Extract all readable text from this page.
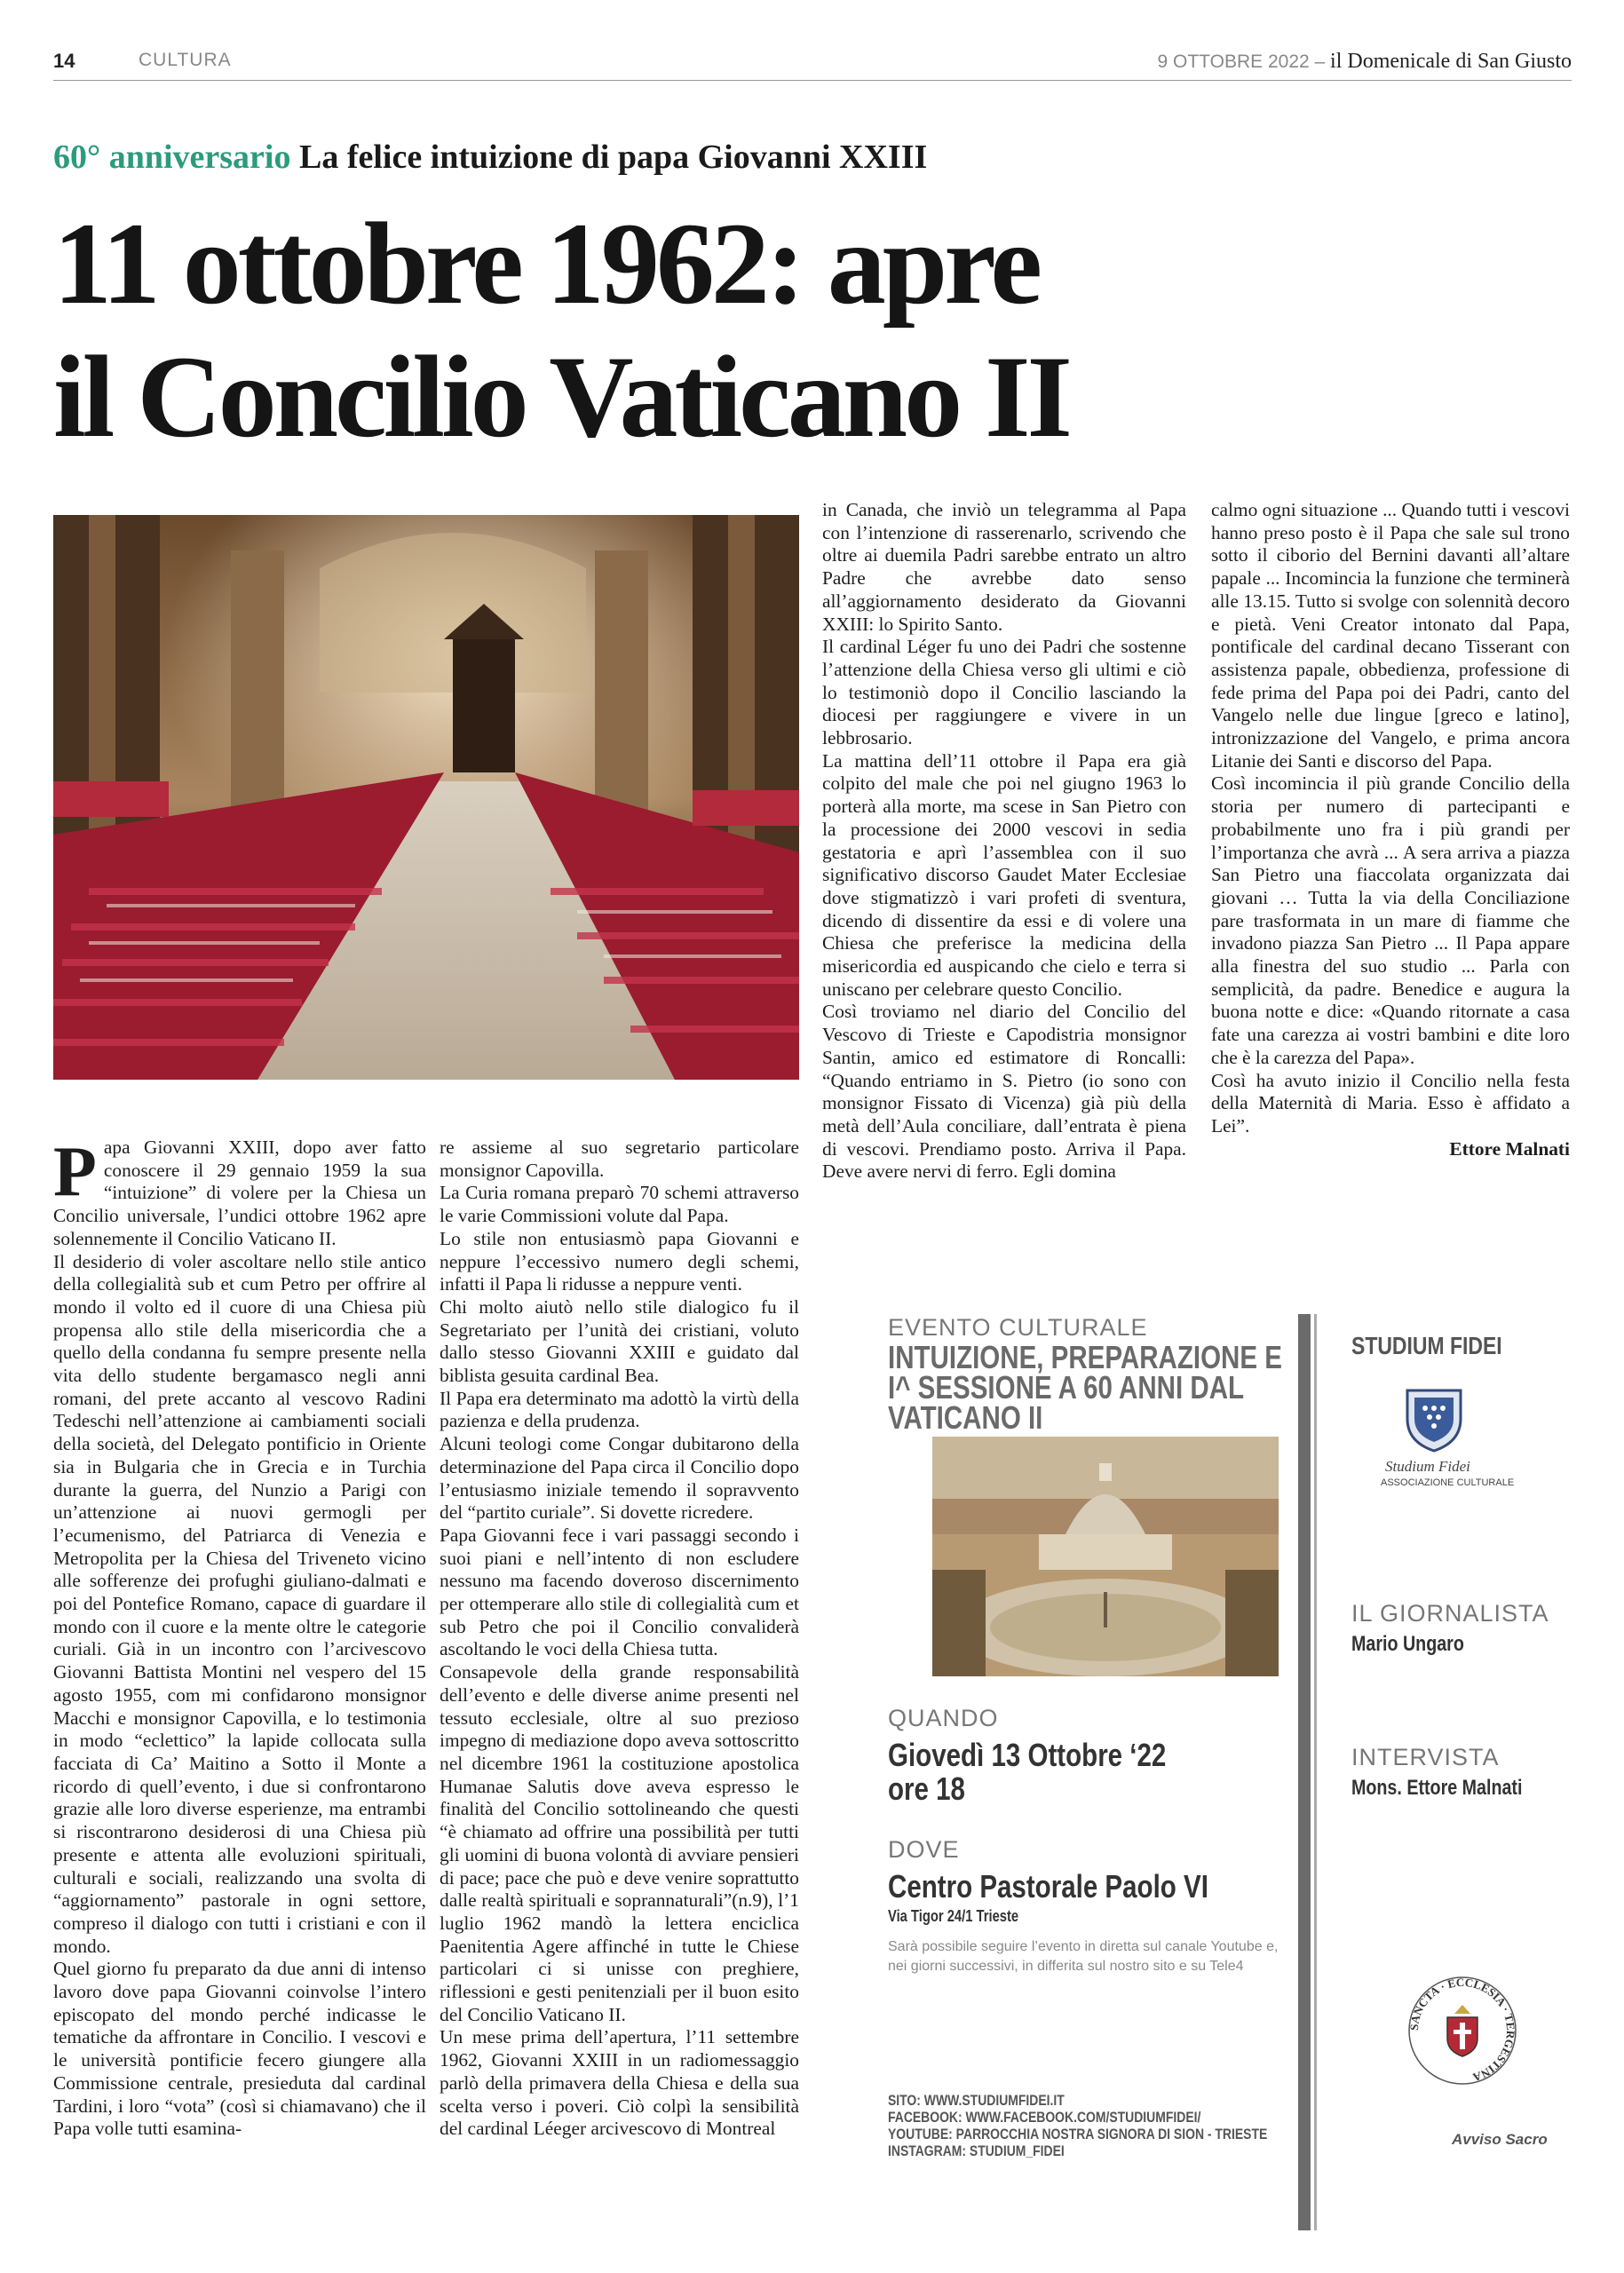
14	CULTURA	9 OTTOBRE 2022 – il Domenicale di San Giusto
60° anniversario La felice intuizione di papa Giovanni XXIII
11 ottobre 1962: apre
il Concilio Vaticano II

Papa Giovanni XXIII, dopo aver fatto conoscere il 29 gennaio 1959 la sua “intuizione” di volere per la Chiesa un Concilio universale, l’undici ottobre 1962 apre solennemente il Concilio Vaticano II.

Il desiderio di voler ascoltare nello stile antico della collegialità sub et cum Petro per offrire al mondo il volto ed il cuore di una Chiesa più propensa allo stile della misericordia che a quello della condanna fu sempre presente nella vita dello studente bergamasco negli anni romani, del prete accanto al vescovo Radini Tedeschi nell’attenzione ai cambiamenti sociali della società, del Delegato pontificio in Oriente sia in Bulgaria che in Grecia e in Turchia durante la guerra, del Nunzio a Parigi con un’attenzione ai nuovi germogli per l’ecumenismo, del Patriarca di Venezia e Metropolita per la Chiesa del Triveneto vicino alle sofferenze dei profughi giuliano-dalmati e poi del Pontefice Romano, capace di guardare il mondo con il cuore e la mente oltre le categorie curiali. Già in un incontro con l’arcivescovo Giovanni Battista Montini nel vespero del 15 agosto 1955, com mi confidarono monsignor Macchi e monsignor Capovilla, e lo testimonia in modo “eclettico” la lapide collocata sulla facciata di Ca’ Maitino a Sotto il Monte a ricordo di quell’evento, i due si confrontarono grazie alle loro diverse esperienze, ma entrambi si riscontrarono desiderosi di una Chiesa più presente e attenta alle evoluzioni spirituali, culturali e sociali, realizzando una svolta di “aggiornamento” pastorale in ogni settore, compreso il dialogo con tutti i cristiani e con il mondo.

Quel giorno fu preparato da due anni di intenso lavoro dove papa Giovanni coinvolse l’intero episcopato del mondo perché indicasse le tematiche da affrontare in Concilio. I vescovi e le università pontificie fecero giungere alla Commissione centrale, presieduta dal cardinal Tardini, i loro “vota” (così si chiamavano) che il Papa volle tutti esamina-

re assieme al suo segretario particolare monsignor Capovilla.

La Curia romana preparò 70 schemi attraverso le varie Commissioni volute dal Papa.

Lo stile non entusiasmò papa Giovanni e neppure l’eccessivo numero degli schemi, infatti il Papa li ridusse a neppure venti.

Chi molto aiutò nello stile dialogico fu il Segretariato per l’unità dei cristiani, voluto dallo stesso Giovanni XXIII e guidato dal biblista gesuita cardinal Bea.

Il Papa era determinato ma adottò la virtù della pazienza e della prudenza.

Alcuni teologi come Congar dubitarono della determinazione del Papa circa il Concilio dopo l’entusiasmo iniziale temendo il sopravvento del “partito curiale”. Si dovette ricredere.

Papa Giovanni fece i vari passaggi secondo i suoi piani e nell’intento di non escludere nessuno ma facendo doveroso discernimento per ottemperare allo stile di collegialità cum et sub Petro che poi il Concilio convaliderà ascoltando le voci della Chiesa tutta.

Consapevole della grande responsabilità dell’evento e delle diverse anime presenti nel tessuto ecclesiale, oltre al suo prezioso impegno di mediazione dopo aveva sottoscritto nel dicembre 1961 la costituzione apostolica Humanae Salutis dove aveva espresso le finalità del Concilio sottolineando che questi “è chiamato ad offrire una possibilità per tutti gli uomini di buona volontà di avviare pensieri di pace; pace che può e deve venire soprattutto dalle realtà spirituali e soprannaturali”(n.9), l’1 luglio 1962 mandò la lettera enciclica Paenitentia Agere affinché in tutte le Chiese particolari ci si unisse con preghiere, riflessioni e gesti penitenziali per il buon esito del Concilio Vaticano II.

Un mese prima dell’apertura, l’11 settembre 1962, Giovanni XXIII in un radiomessaggio parlò della primavera della Chiesa e della sua scelta verso i poveri. Ciò colpì la sensibilità del cardinal Léeger arcivescovo di Montreal

in Canada, che inviò un telegramma al Papa con l’intenzione di rasserenarlo, scrivendo che oltre ai duemila Padri sarebbe entrato un altro Padre che avrebbe dato senso all’aggiornamento desiderato da Giovanni XXIII: lo Spirito Santo.

Il cardinal Léger fu uno dei Padri che sostenne l’attenzione della Chiesa verso gli ultimi e ciò lo testimoniò dopo il Concilio lasciando la diocesi per raggiungere e vivere in un lebbrosario.

La mattina dell’11 ottobre il Papa era già colpito del male che poi nel giugno 1963 lo porterà alla morte, ma scese in San Pietro con la processione dei 2000 vescovi in sedia gestatoria e aprì l’assemblea con il suo significativo discorso Gaudet Mater Ecclesiae dove stigmatizzò i vari profeti di sventura, dicendo di dissentire da essi e di volere una Chiesa che preferisce la medicina della misericordia ed auspicando che cielo e terra si uniscano per celebrare questo Concilio.

Così troviamo nel diario del Concilio del Vescovo di Trieste e Capodistria monsignor Santin, amico ed estimatore di Roncalli: “Quando entriamo in S. Pietro (io sono con monsignor Fissato di Vicenza) già più della metà dell’Aula conciliare, dall’entrata è piena di vescovi. Prendiamo posto. Arriva il Papa. Deve avere nervi di ferro. Egli domina

calmo ogni situazione ... Quando tutti i vescovi hanno preso posto è il Papa che sale sul trono sotto il ciborio del Bernini davanti all’altare papale ... Incomincia la funzione che terminerà alle 13.15. Tutto si svolge con solennità decoro e pietà. Veni Creator intonato dal Papa, pontificale del cardinal decano Tisserant con assistenza papale, obbedienza, professione di fede prima del Papa poi dei Padri, canto del Vangelo nelle due lingue [greco e latino], intronizzazione del Vangelo, e prima ancora Litanie dei Santi e discorso del Papa.

Così incomincia il più grande Concilio della storia per numero di partecipanti e probabilmente uno fra i più grandi per l’importanza che avrà ... A sera arriva a piazza San Pietro una fiaccolata organizzata dai giovani … Tutta la via della Conciliazione pare trasformata in un mare di fiamme che invadono piazza San Pietro ... Il Papa appare alla finestra del suo studio ... Parla con semplicità, da padre. Benedice e augura la buona notte e dice: «Quando ritornate a casa fate una carezza ai vostri bambini e dite loro che è la carezza del Papa».

Così ha avuto inizio il Concilio nella festa della Maternità di Maria. Esso è affidato a Lei”.

Ettore Malnati

EVENTO CULTURALE
INTUIZIONE, PREPARAZIONE E I^ SESSIONE A 60 ANNI DAL VATICANO II
QUANDO
Giovedì 13 Ottobre ‘22
ore 18
DOVE
Centro Pastorale Paolo VI
Via Tigor 24/1 Trieste
Sarà possibile seguire l’evento in diretta sul canale Youtube e, nei giorni successivi, in differita sul nostro sito e su Tele4
SITO: WWW.STUDIUMFIDEI.IT
FACEBOOK: WWW.FACEBOOK.COM/STUDIUMFIDEI/
YOUTUBE: PARROCCHIA NOSTRA SIGNORA DI SION - TRIESTE
INSTAGRAM: STUDIUM_FIDEI
STUDIUM FIDEI
Studium Fidei
ASSOCIAZIONE CULTURALE
IL GIORNALISTA
Mario Ungaro
INTERVISTA
Mons. Ettore Malnati
SANCTA · ECCLESIA · TERGESTINA
Avviso Sacro
